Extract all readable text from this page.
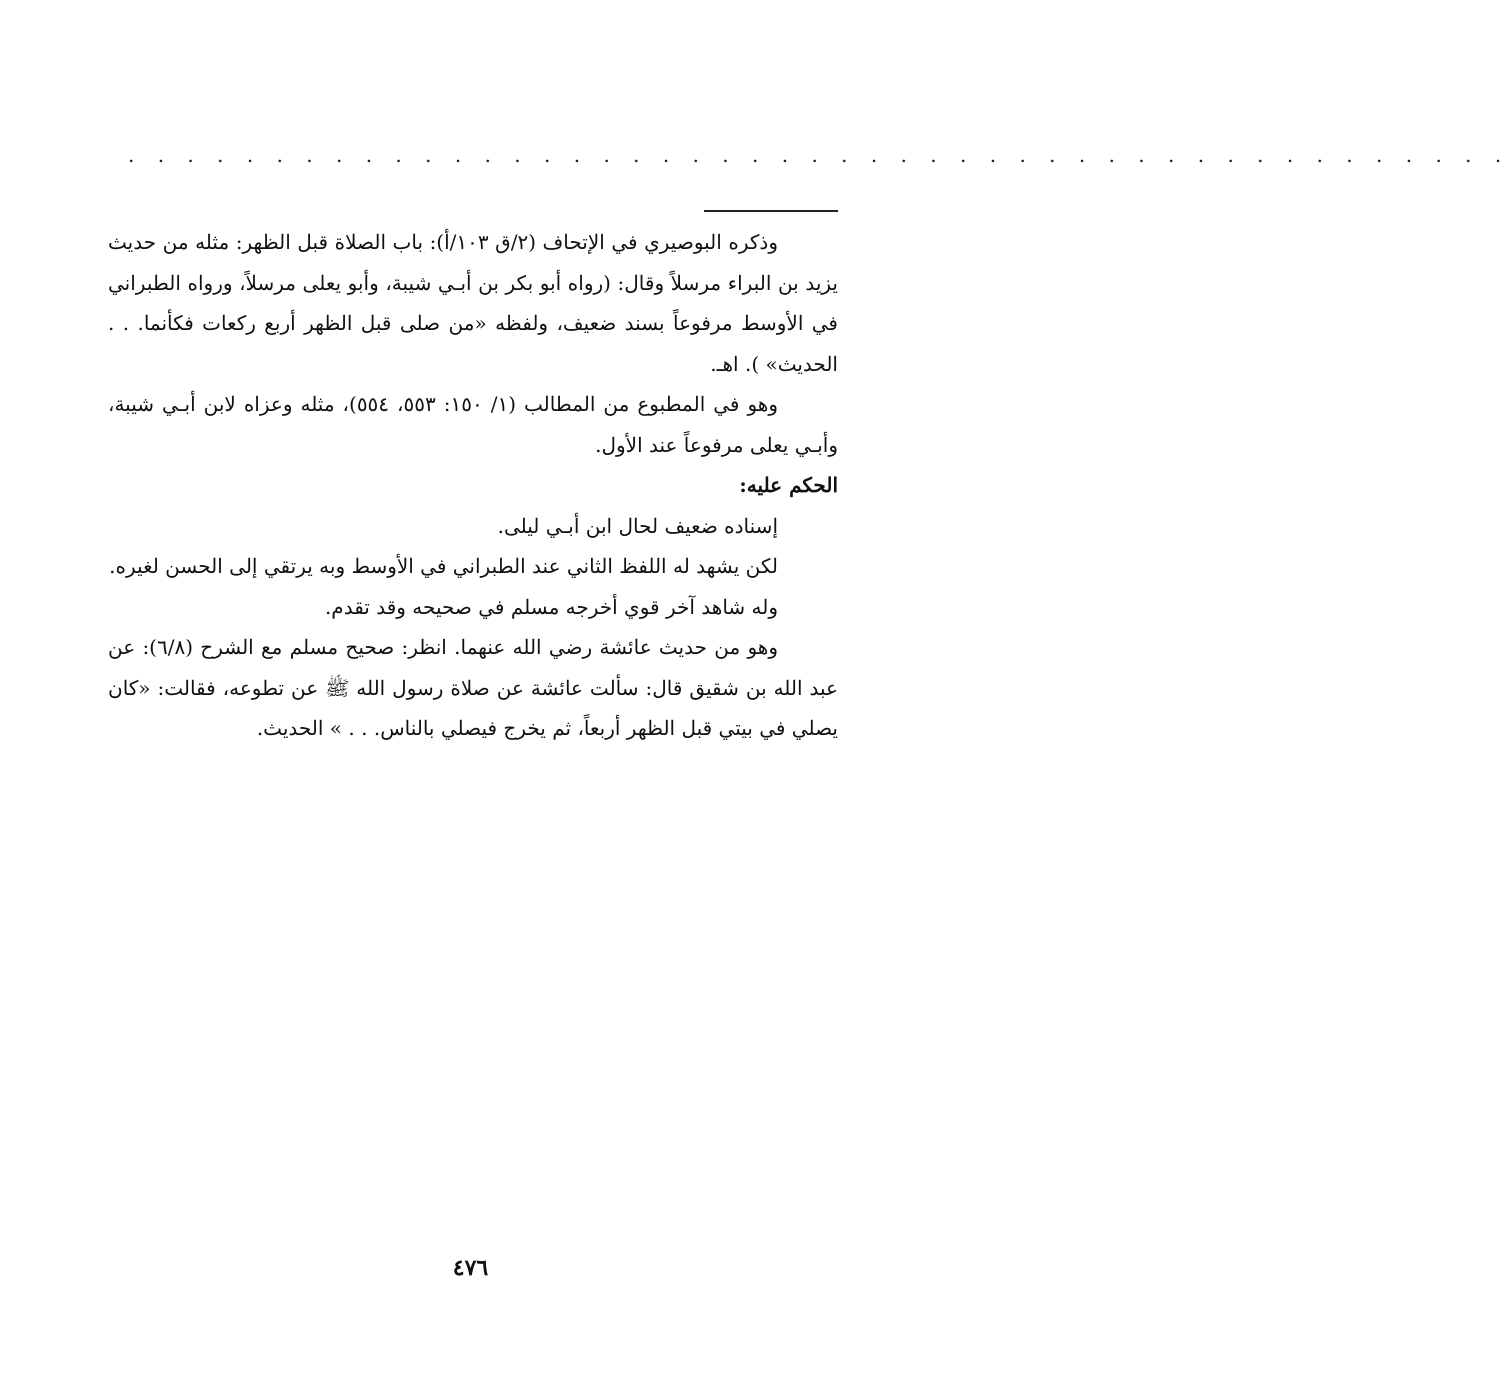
. . . . . . . . . . . . . . . . . . . . . . . . . . . . . . . . . . . . . . . . . . . . . . .

وذكره البوصيري في الإتحاف (٢/ق ١٠٣/أ): باب الصلاة قبل الظهر: مثله من حديث يزيد بن البراء مرسلاً وقال: (رواه أبو بكر بن أبـي شيبة، وأبو يعلى مرسلاً، ورواه الطبراني في الأوسط مرفوعاً بسند ضعيف، ولفظه «من صلى قبل الظهر أربع ركعات فكأنما. . . الحديث» ). اهـ.

وهو في المطبوع من المطالب (١/ ١٥٠: ٥٥٣، ٥٥٤)، مثله وعزاه لابن أبـي شيبة، وأبـي يعلى مرفوعاً عند الأول.

الحكم عليه:

إسناده ضعيف لحال ابن أبـي ليلى.

لكن يشهد له اللفظ الثاني عند الطبراني في الأوسط وبه يرتقي إلى الحسن لغيره.

وله شاهد آخر قوي أخرجه مسلم في صحيحه وقد تقدم.

وهو من حديث عائشة رضي الله عنهما. انظر: صحيح مسلم مع الشرح (٦/٨): عن عبد الله بن شقيق قال: سألت عائشة عن صلاة رسول الله ﷺ عن تطوعه، فقالت: «كان يصلي في بيتي قبل الظهر أربعاً، ثم يخرج فيصلي بالناس. . . » الحديث.

٤٧٦
